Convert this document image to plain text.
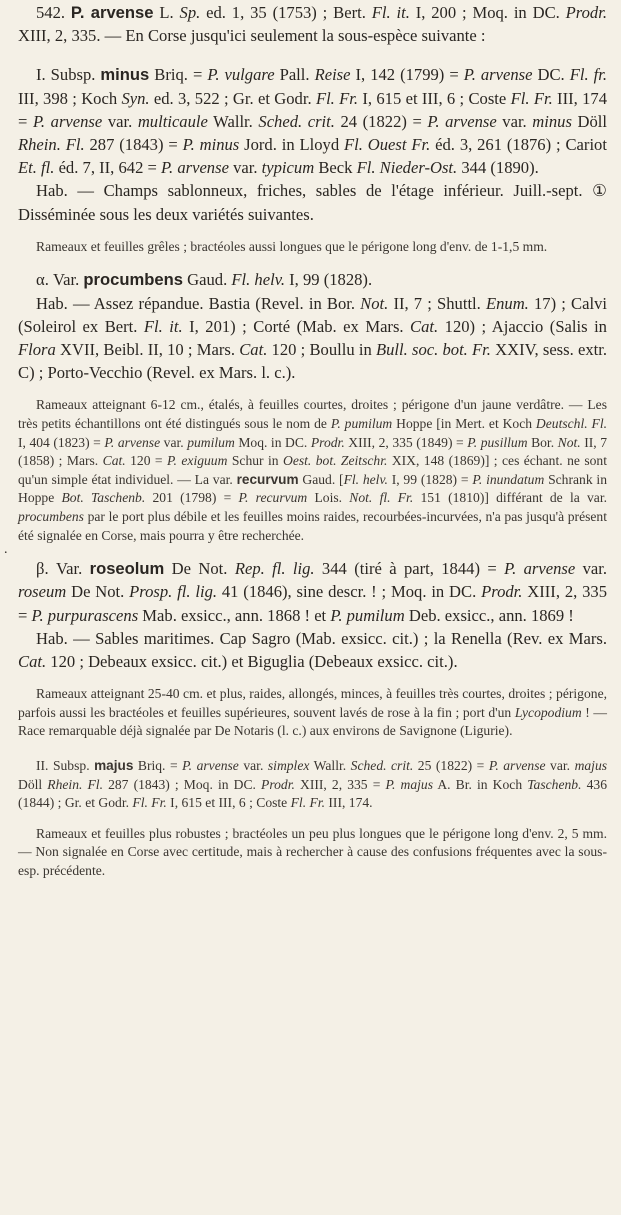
542. P. arvense L. Sp. ed. 1, 35 (1753) ; Bert. Fl. it. I, 200 ; Moq. in DC. Prodr. XIII, 2, 335. — En Corse jusqu'ici seulement la sous-espèce suivante :

I. Subsp. minus Briq. = P. vulgare Pall. Reise I, 142 (1799) = P. arvense DC. Fl. fr. III, 398 ; Koch Syn. ed. 3, 522 ; Gr. et Godr. Fl. Fr. I, 615 et III, 6 ; Coste Fl. Fr. III, 174 = P. arvense var. multicaule Wallr. Sched. crit. 24 (1822) = P. arvense var. minus Döll Rhein. Fl. 287 (1843) = P. minus Jord. in Lloyd Fl. Ouest Fr. éd. 3, 261 (1876) ; Cariot Et. fl. éd. 7, II, 642 = P. arvense var. typicum Beck Fl. Nieder-Ost. 344 (1890).

Hab. — Champs sablonneux, friches, sables de l'étage inférieur. Juill.-sept. ① Disséminée sous les deux variétés suivantes.

Rameaux et feuilles grêles ; bractéoles aussi longues que le périgone long d'env. de 1-1,5 mm.

α. Var. procumbens Gaud. Fl. helv. I, 99 (1828).

Hab. — Assez répandue. Bastia (Revel. in Bor. Not. II, 7 ; Shuttl. Enum. 17) ; Calvi (Soleirol ex Bert. Fl. it. I, 201) ; Corté (Mab. ex Mars. Cat. 120) ; Ajaccio (Salis in Flora XVII, Beibl. II, 10 ; Mars. Cat. 120 ; Boullu in Bull. soc. bot. Fr. XXIV, sess. extr. C) ; Porto-Vecchio (Revel. ex Mars. l. c.).

Rameaux atteignant 6-12 cm., étalés, à feuilles courtes, droites ; périgone d'un jaune verdâtre. — Les très petits échantillons ont été distingués sous le nom de P. pumilum Hoppe [in Mert. et Koch Deutschl. Fl. I, 404 (1823) = P. arvense var. pumilum Moq. in DC. Prodr. XIII, 2, 335 (1849) = P. pusillum Bor. Not. II, 7 (1858) ; Mars. Cat. 120 = P. exiguum Schur in Oest. bot. Zeitschr. XIX, 148 (1869)] ; ces échant. ne sont qu'un simple état individuel. — La var. recurvum Gaud. [Fl. helv. I, 99 (1828) = P. inundatum Schrank in Hoppe Bot. Taschenb. 201 (1798) = P. recurvum Lois. Not. fl. Fr. 151 (1810)] différant de la var. procumbens par le port plus débile et les feuilles moins raides, recourbées-incurvées, n'a pas jusqu'à présent été signalée en Corse, mais pourra y être recherchée.

β. Var. roseolum De Not. Rep. fl. lig. 344 (tiré à part, 1844) = P. arvense var. roseum De Not. Prosp. fl. lig. 41 (1846), sine descr. ! ; Moq. in DC. Prodr. XIII, 2, 335 = P. purpurascens Mab. exsicc., ann. 1868 ! et P. pumilum Deb. exsicc., ann. 1869 !

Hab. — Sables maritimes. Cap Sagro (Mab. exsicc. cit.) ; la Renella (Rev. ex Mars. Cat. 120 ; Debeaux exsicc. cit.) et Biguglia (Debeaux exsicc. cit.).

Rameaux atteignant 25-40 cm. et plus, raides, allongés, minces, à feuilles très courtes, droites ; périgone, parfois aussi les bractéoles et feuilles supérieures, souvent lavés de rose à la fin ; port d'un Lycopodium ! — Race remarquable déjà signalée par De Notaris (l. c.) aux environs de Savignone (Ligurie).

II. Subsp. majus Briq. = P. arvense var. simplex Wallr. Sched. crit. 25 (1822) = P. arvense var. majus Döll Rhein. Fl. 287 (1843) ; Moq. in DC. Prodr. XIII, 2, 335 = P. majus A. Br. in Koch Taschenb. 436 (1844) ; Gr. et Godr. Fl. Fr. I, 615 et III, 6 ; Coste Fl. Fr. III, 174.

Rameaux et feuilles plus robustes ; bractéoles un peu plus longues que le périgone long d'env. 2, 5 mm. — Non signalée en Corse avec certitude, mais à rechercher à cause des confusions fréquentes avec la sous-esp. précédente.

.
